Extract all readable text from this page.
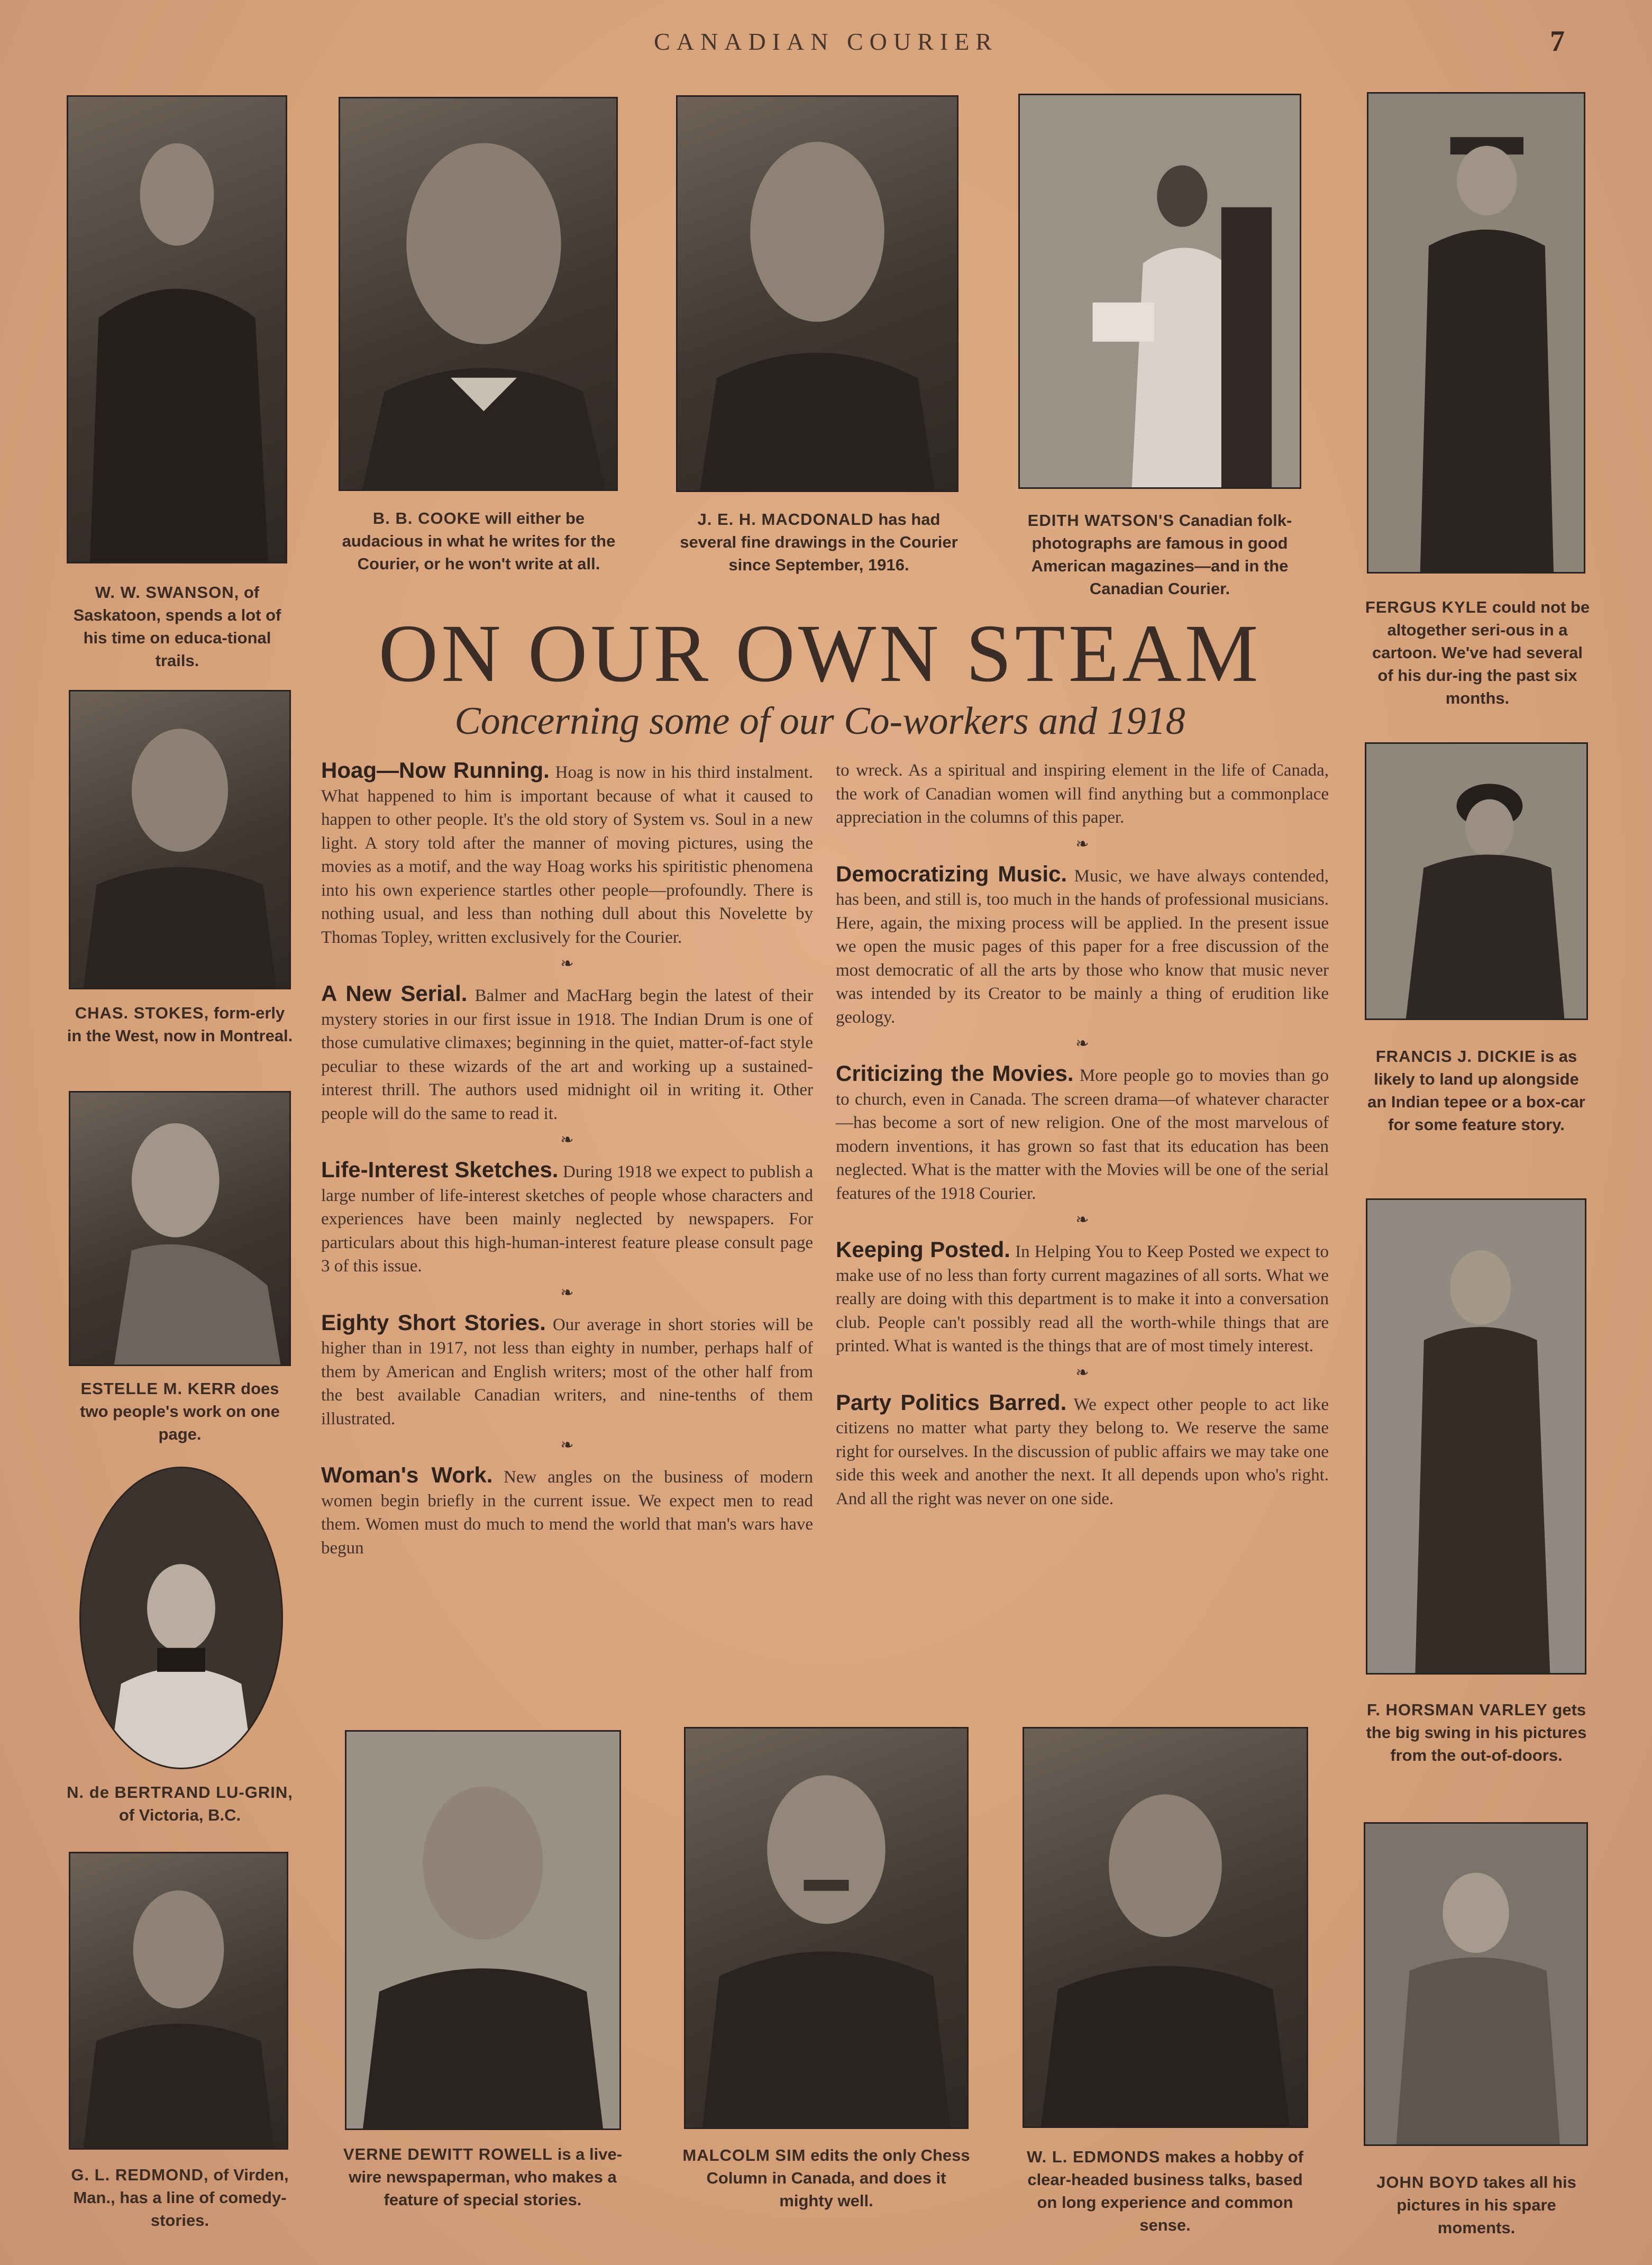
CANADIAN COURIER	7
W. W. SWANSON, of Saskatoon, spends a lot of his time on educa-tional trails.
B. B. COOKE will either be audacious in what he writes for the Courier, or he won't write at all.
J. E. H. MACDONALD has had several fine drawings in the Courier since September, 1916.
EDITH WATSON'S Canadian folk-photographs are famous in good American magazines—and in the Canadian Courier.
FERGUS KYLE could not be altogether seri-ous in a cartoon. We've had several of his dur-ing the past six months.
ON OUR OWN STEAM
Concerning some of our Co-workers and 1918
CHAS. STOKES, form-erly in the West, now in Montreal.
ESTELLE M. KERR does two people's work on one page.
N. de BERTRAND LU-GRIN, of Victoria, B.C.
G. L. REDMOND, of Virden, Man., has a line of comedy-stories.
FRANCIS J. DICKIE is as likely to land up alongside an Indian tepee or a box-car for some feature story.
F. HORSMAN VARLEY gets the big swing in his pictures from the out-of-doors.
JOHN BOYD takes all his pictures in his spare moments.
VERNE DEWITT ROWELL is a live-wire newspaperman, who makes a feature of special stories.
MALCOLM SIM edits the only Chess Column in Canada, and does it mighty well.
W. L. EDMONDS makes a hobby of clear-headed business talks, based on long experience and common sense.
Hoag—Now Running. Hoag is now in his third instalment. What happened to him is important because of what it caused to happen to other people. It's the old story of System vs. Soul in a new light. A story told after the manner of moving pictures, using the movies as a motif, and the way Hoag works his spiritistic phenomena into his own experience startles other people—profoundly. There is nothing usual, and less than nothing dull about this Novelette by Thomas Topley, written exclusively for the Courier.
❧
A New Serial. Balmer and MacHarg begin the latest of their mystery stories in our first issue in 1918. The Indian Drum is one of those cumulative climaxes; beginning in the quiet, matter-of-fact style peculiar to these wizards of the art and working up a sustained-interest thrill. The authors used midnight oil in writing it. Other people will do the same to read it.
❧
Life-Interest Sketches. During 1918 we expect to publish a large number of life-interest sketches of people whose characters and experiences have been mainly neglected by newspapers. For particulars about this high-human-interest feature please consult page 3 of this issue.
❧
Eighty Short Stories. Our average in short stories will be higher than in 1917, not less than eighty in number, perhaps half of them by American and English writers; most of the other half from the best available Canadian writers, and nine-tenths of them illustrated.
❧
Woman's Work. New angles on the business of modern women begin briefly in the current issue. We expect men to read them. Women must do much to mend the world that man's wars have begun
to wreck. As a spiritual and inspiring element in the life of Canada, the work of Canadian women will find anything but a commonplace appreciation in the columns of this paper.
❧
Democratizing Music. Music, we have always contended, has been, and still is, too much in the hands of professional musicians. Here, again, the mixing process will be applied. In the present issue we open the music pages of this paper for a free discussion of the most democratic of all the arts by those who know that music never was intended by its Creator to be mainly a thing of erudition like geology.
❧
Criticizing the Movies. More people go to movies than go to church, even in Canada. The screen drama—of whatever character—has become a sort of new religion. One of the most marvelous of modern inventions, it has grown so fast that its education has been neglected. What is the matter with the Movies will be one of the serial features of the 1918 Courier.
❧
Keeping Posted. In Helping You to Keep Posted we expect to make use of no less than forty current magazines of all sorts. What we really are doing with this department is to make it into a conversation club. People can't possibly read all the worth-while things that are printed. What is wanted is the things that are of most timely interest.
❧
Party Politics Barred. We expect other people to act like citizens no matter what party they belong to. We reserve the same right for ourselves. In the discussion of public affairs we may take one side this week and another the next. It all depends upon who's right. And all the right was never on one side.
